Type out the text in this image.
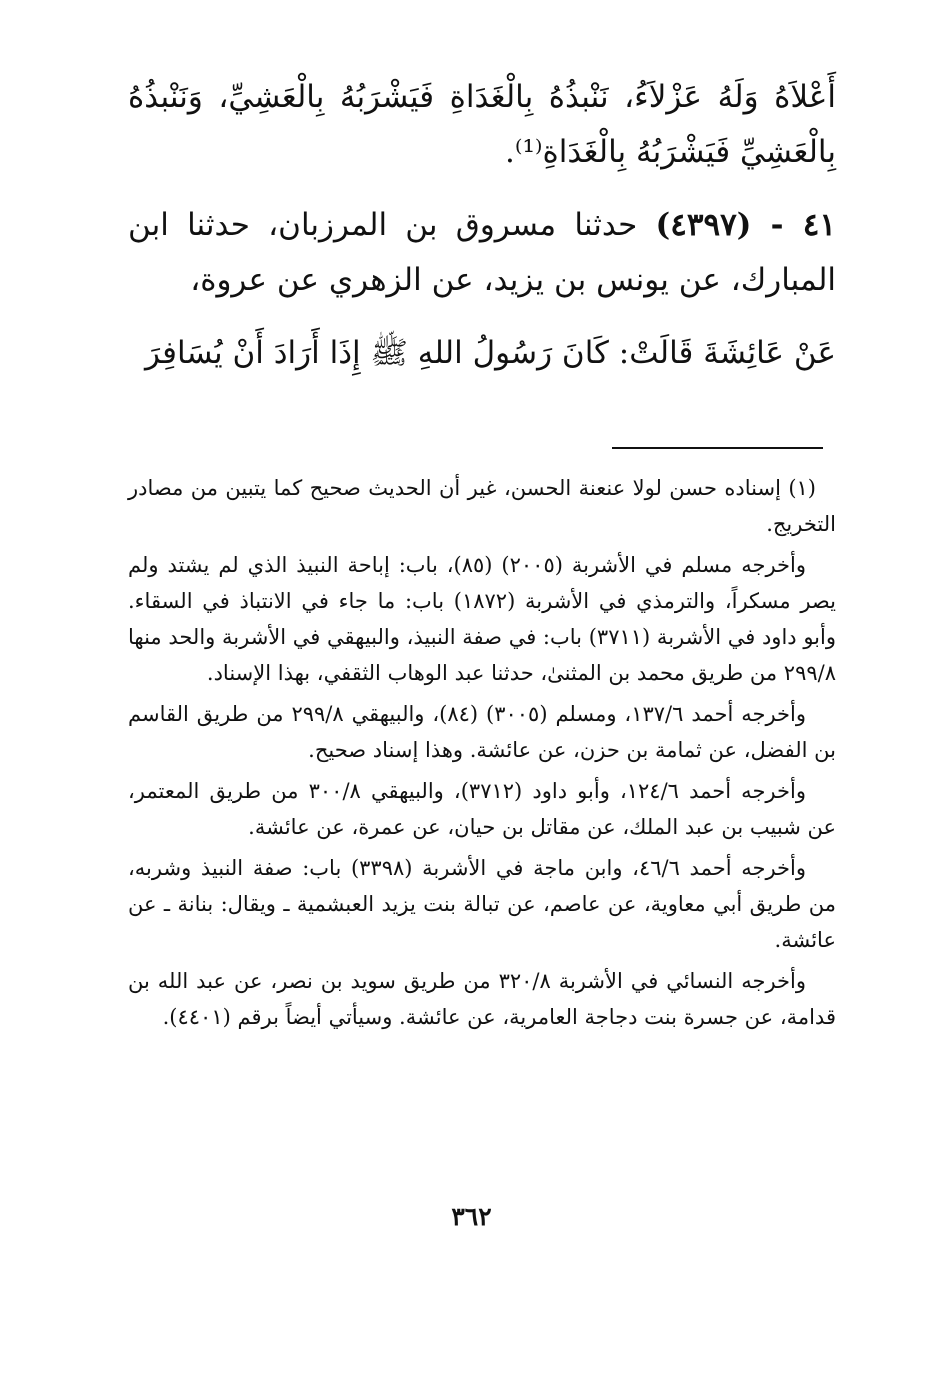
أَعْلاَهُ وَلَهُ عَزْلاَءُ، نَنْبذُهُ بِالْغَدَاةِ فَيَشْرَبُهُ بِالْعَشِيِّ، وَنَنْبذُهُ بِالْعَشِيِّ فَيَشْرَبُهُ بِالْغَدَاةِ⁽¹⁾.

٤١ - (٤٣٩٧) حدثنا مسروق بن المرزبان، حدثنا ابن المبارك، عن يونس بن يزيد، عن الزهري عن عروة،

عَنْ عَائِشَةَ قَالَتْ: كَانَ رَسُولُ اللهِ ﷺ إِذَا أَرَادَ أَنْ يُسَافِرَ

(١) إسناده حسن لولا عنعنة الحسن، غير أن الحديث صحيح كما يتبين من مصادر التخريج.

وأخرجه مسلم في الأشربة (٢٠٠٥) (٨٥)، باب: إباحة النبيذ الذي لم يشتد ولم يصر مسكراً، والترمذي في الأشربة (١٨٧٢) باب: ما جاء في الانتباذ في السقاء. وأبو داود في الأشربة (٣٧١١) باب: في صفة النبيذ، والبيهقي في الأشربة والحد منها ٢٩٩/٨ من طريق محمد بن المثنىٰ، حدثنا عبد الوهاب الثقفي، بهذا الإسناد.

وأخرجه أحمد ١٣٧/٦، ومسلم (٣٠٠٥) (٨٤)، والبيهقي ٢٩٩/٨ من طريق القاسم بن الفضل، عن ثمامة بن حزن، عن عائشة. وهذا إسناد صحيح.

وأخرجه أحمد ١٢٤/٦، وأبو داود (٣٧١٢)، والبيهقي ٣٠٠/٨ من طريق المعتمر، عن شبيب بن عبد الملك، عن مقاتل بن حيان، عن عمرة، عن عائشة.

وأخرجه أحمد ٤٦/٦، وابن ماجة في الأشربة (٣٣٩٨) باب: صفة النبيذ وشربه، من طريق أبي معاوية، عن عاصم، عن تبالة بنت يزيد العبشمية ـ ويقال: بنانة ـ عن عائشة.

وأخرجه النسائي في الأشربة ٣٢٠/٨ من طريق سويد بن نصر، عن عبد الله بن قدامة، عن جسرة بنت دجاجة العامرية، عن عائشة. وسيأتي أيضاً برقم (٤٤٠١).

٣٦٢
